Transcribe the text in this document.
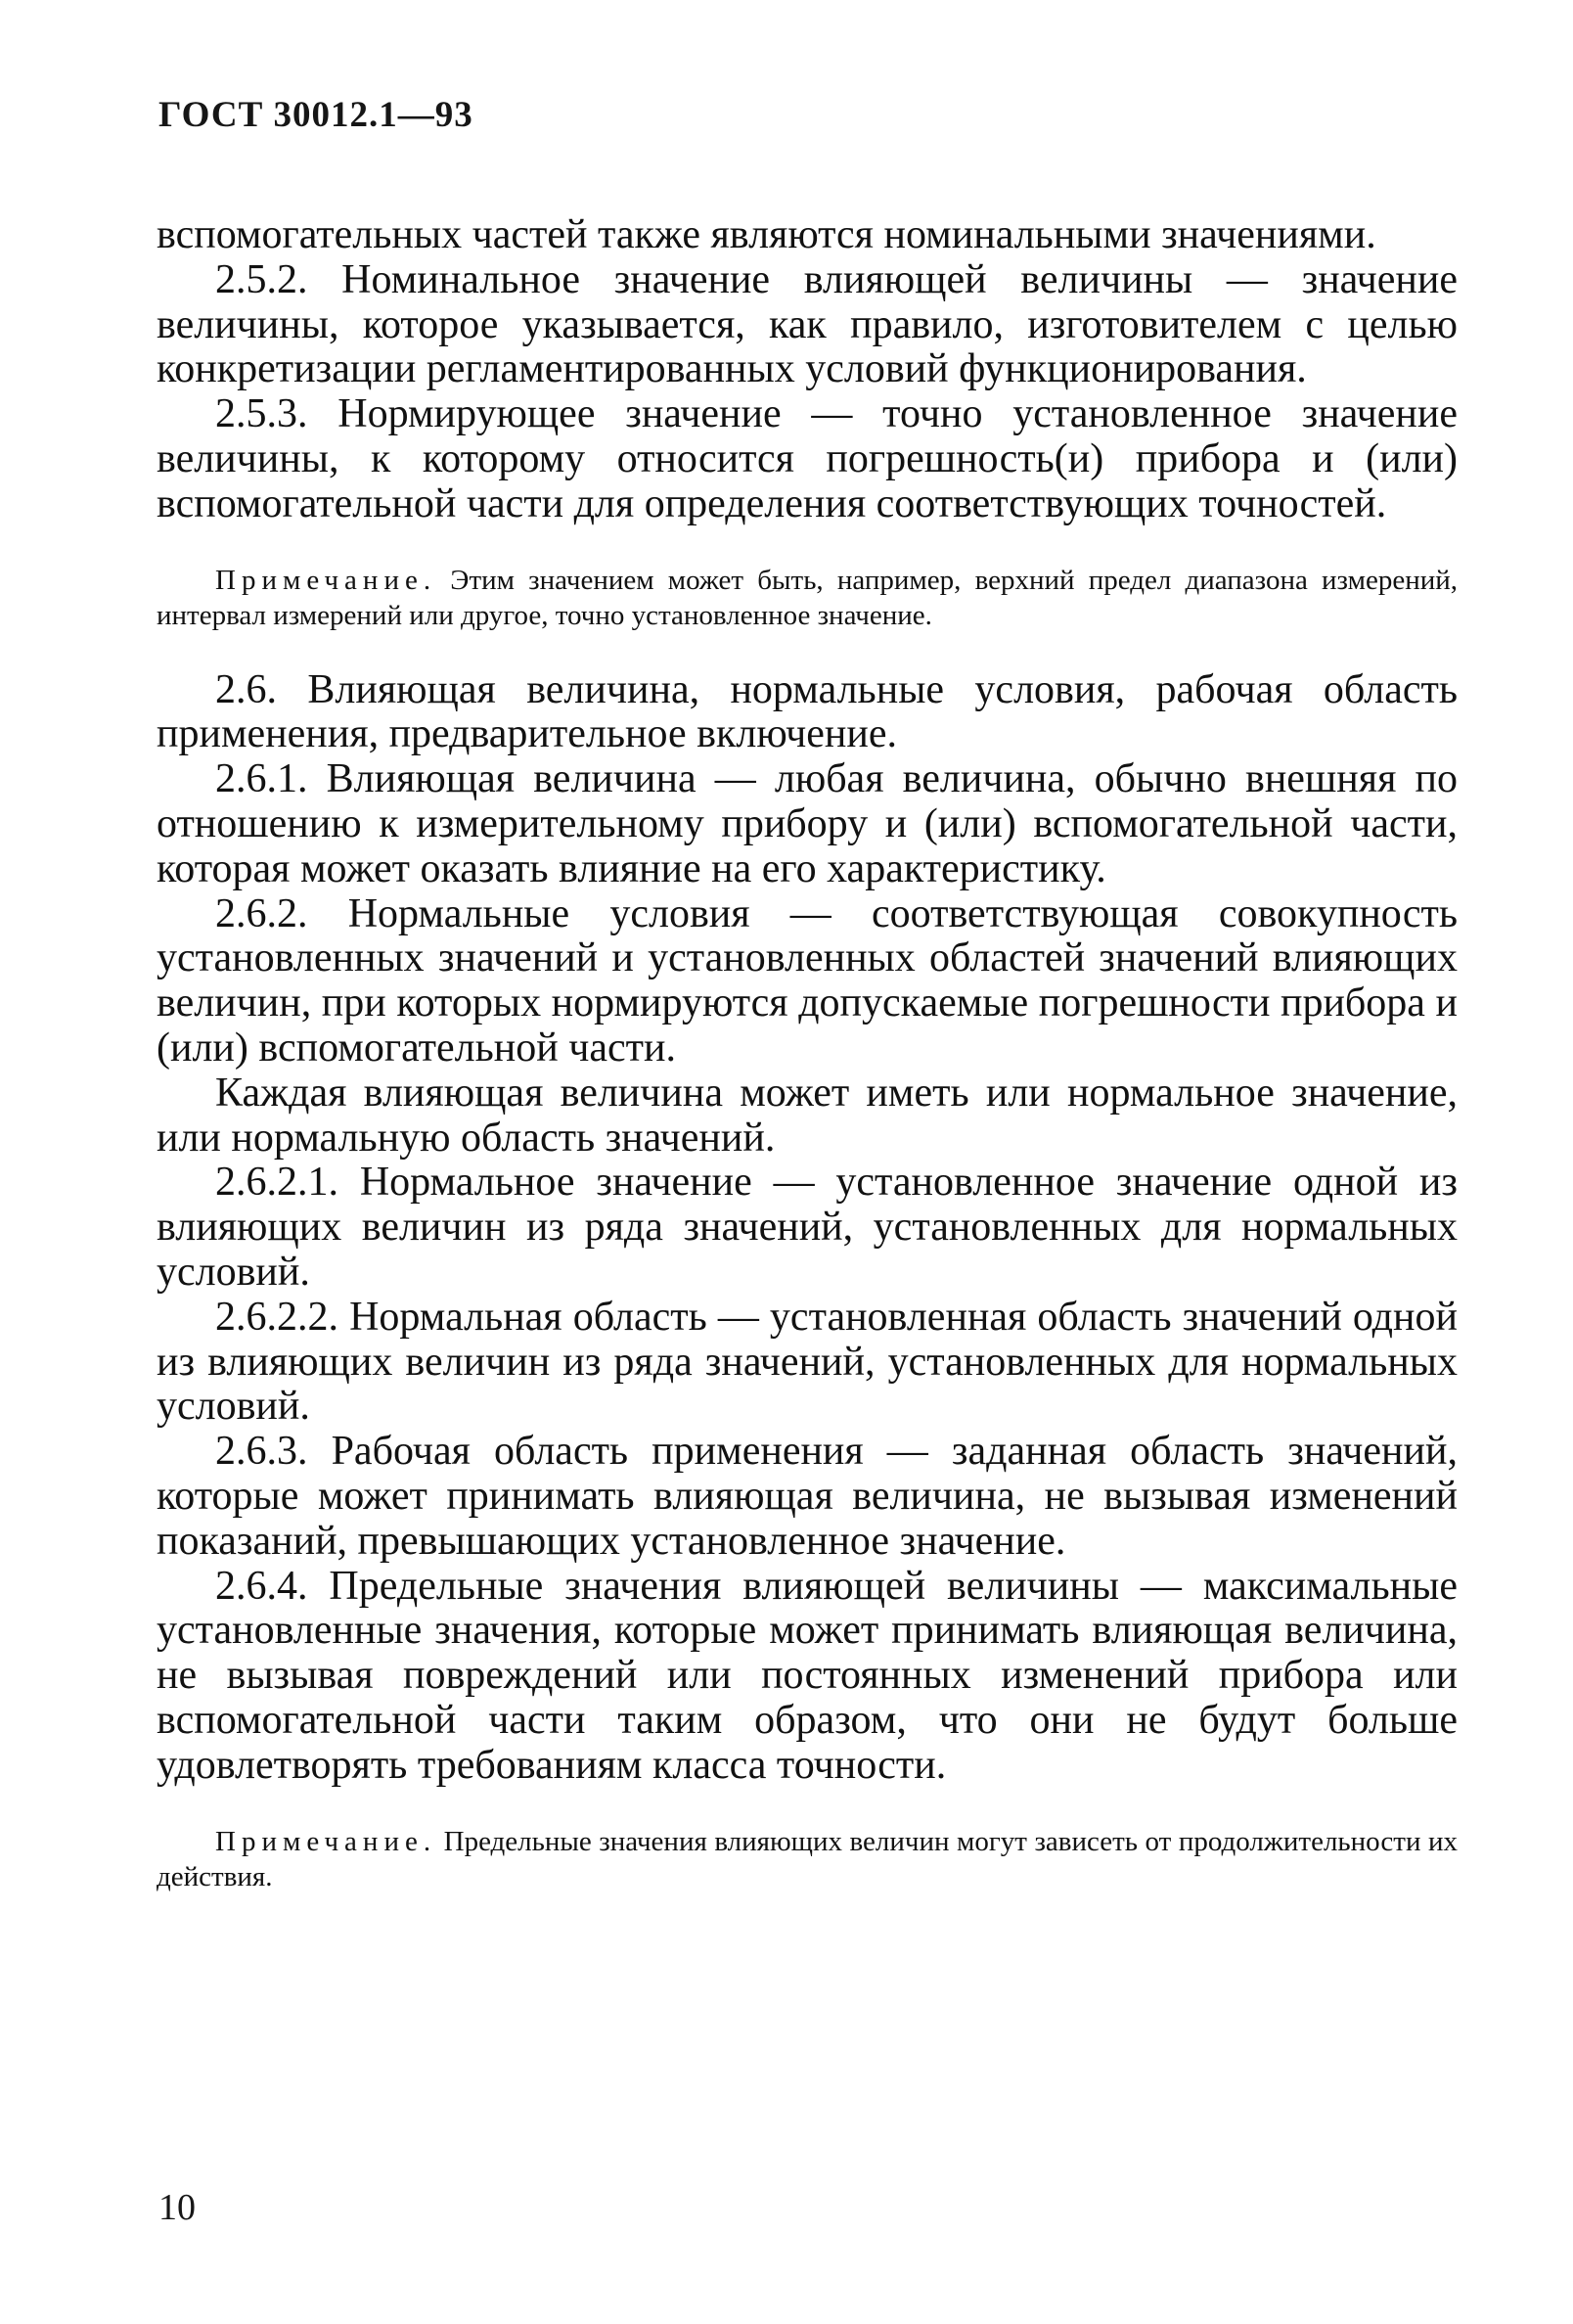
ГОСТ 30012.1—93

вспомогательных частей также являются номинальными значениями.

2.5.2. Номинальное значение влияющей величины — значение величины, которое указывается, как правило, изготовителем с целью конкретизации регламентированных условий функционирования.

2.5.3. Нормирующее значение — точно установленное значение величины, к которому относится погрешность(и) прибора и (или) вспомогательной части для определения соответствующих точностей.

Примечание. Этим значением может быть, например, верхний предел диапазона измерений, интервал измерений или другое, точно установленное значение.

2.6. Влияющая величина, нормальные условия, рабочая область применения, предварительное включение.

2.6.1. Влияющая величина — любая величина, обычно внешняя по отношению к измерительному прибору и (или) вспомогательной части, которая может оказать влияние на его характеристику.

2.6.2. Нормальные условия — соответствующая совокупность установленных значений и установленных областей значений влияющих величин, при которых нормируются допускаемые погрешности прибора и (или) вспомогательной части.

Каждая влияющая величина может иметь или нормальное значение, или нормальную область значений.

2.6.2.1. Нормальное значение — установленное значение одной из влияющих величин из ряда значений, установленных для нормальных условий.

2.6.2.2. Нормальная область — установленная область значений одной из влияющих величин из ряда значений, установленных для нормальных условий.

2.6.3. Рабочая область применения — заданная область значений, которые может принимать влияющая величина, не вызывая изменений показаний, превышающих установленное значение.

2.6.4. Предельные значения влияющей величины — максимальные установленные значения, которые может принимать влияющая величина, не вызывая повреждений или постоянных изменений прибора или вспомогательной части таким образом, что они не будут больше удовлетворять требованиям класса точности.

Примечание. Предельные значения влияющих величин могут зависеть от продолжительности их действия.

10
